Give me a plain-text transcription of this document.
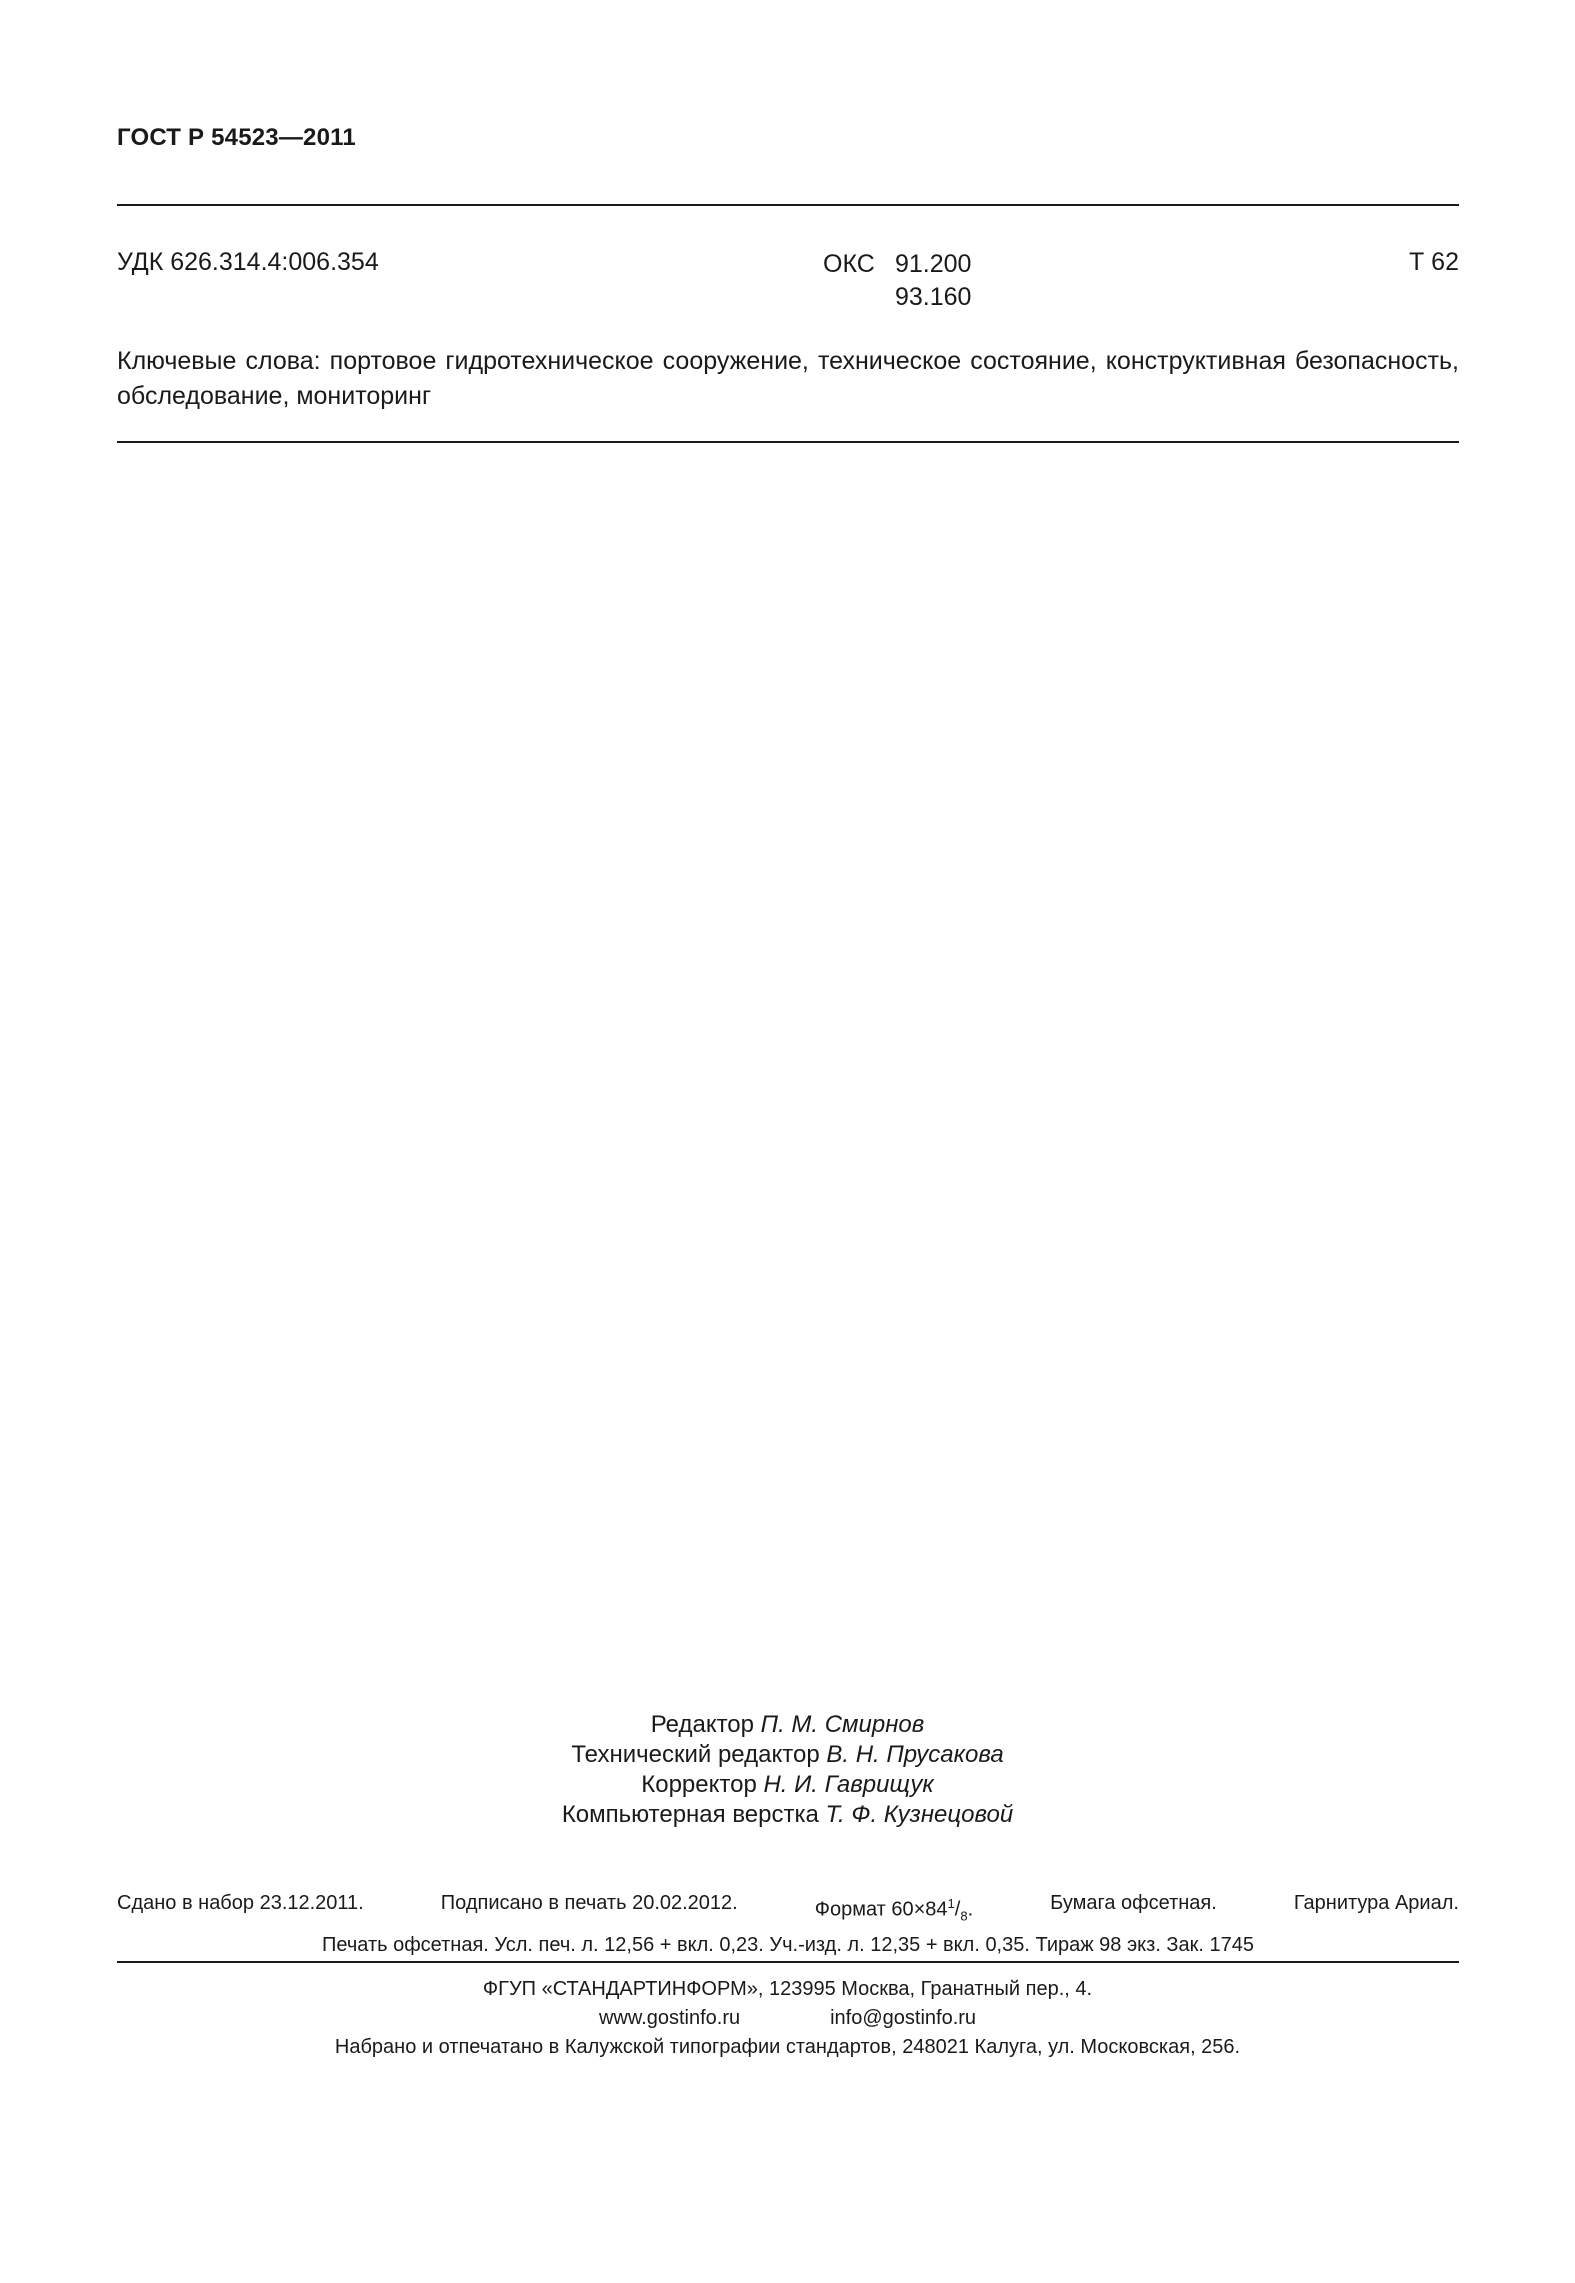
ГОСТ Р 54523—2011
УДК 626.314.4:006.354	ОКС 91.200
93.160
Т 62
Ключевые слова: портовое гидротехническое сооружение, техническое состояние, конструктивная безопасность, обследование, мониторинг
Редактор П. М. Смирнов
Технический редактор В. Н. Прусакова
Корректор Н. И. Гаврищук
Компьютерная верстка Т. Ф. Кузнецовой
Сдано в набор 23.12.2011.	Подписано в печать 20.02.2012.	Формат $60\times 84^1/_8$.	Бумага офсетная.	Гарнитура Ариал.
Печать офсетная. Усл. печ. л. 12,56 + вкл. 0,23. Уч.-изд. л. 12,35 + вкл. 0,35. Тираж 98 экз. Зак. 1745
ФГУП «СТАНДАРТИНФОРМ», 123995 Москва, Гранатный пер., 4.
www.gostinfo.ru	info@gostinfo.ru
Набрано и отпечатано в Калужской типографии стандартов, 248021 Калуга, ул. Московская, 256.
